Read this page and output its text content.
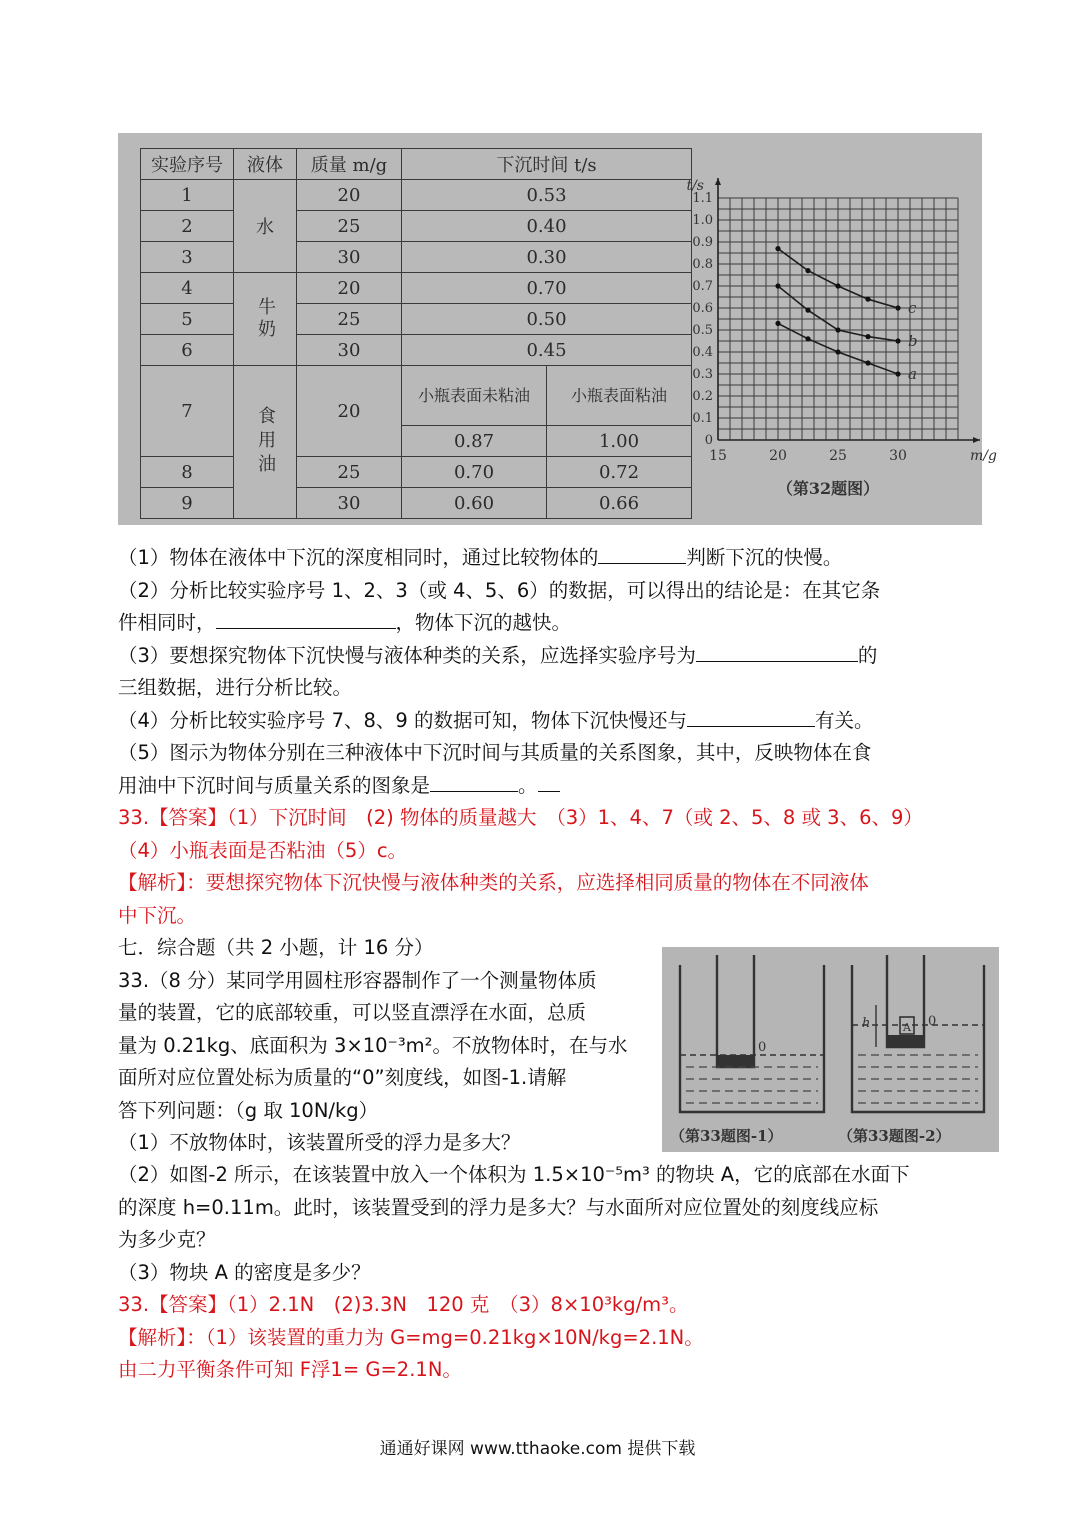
实验序号	液体	质量 m/g	下沉时间 t/s	
1	水	20	0.53	
2		25	0.40	
3		30	0.30	
4	牛奶	20	0.70	
5		25	0.50	
6		30	0.45	
7	食用油	20	小瓶表面未粘油	小瓶表面粘油
			0.87	1.00
8		25	0.70	0.72
9		30	0.60	0.66
0
0.1
0.2
0.3
0.4
0.5
0.6
0.7
0.8
0.9
1.0
1.1
15	20	25	30
t/s
m/g
（第32题图）
a
b
c
（1）物体在液体中下沉的深度相同时，通过比较物体的	判断下沉的快慢。
（2）分析比较实验序号 1、2、3（或 4、5、6）的数据，可以得出的结论是：在其它条
件相同时，	，物体下沉的越快。
（3）要想探究物体下沉快慢与液体种类的关系，应选择实验序号为	的
三组数据，进行分析比较。
（4）分析比较实验序号 7、8、9 的数据可知，物体下沉快慢还与	有关。
（5）图示为物体分别在三种液体中下沉时间与其质量的关系图象，其中，反映物体在食
用油中下沉时间与质量关系的图象是	。
33.【答案】（1）下沉时间　(2) 物体的质量越大　（3）1、4、7（或 2、5、8 或 3、6、9）
（4）小瓶表面是否粘油（5）c。
【解析】：要想探究物体下沉快慢与液体种类的关系，应选择相同质量的物体在不同液体
中下沉。
七．综合题（共 2 小题，计 16 分）
33.（8 分）某同学用圆柱形容器制作了一个测量物体质
量的装置，它的底部较重，可以竖直漂浮在水面，总质
量为 0.21kg、底面积为 3×10⁻³m²。不放物体时，在与水
面所对应位置处标为质量的“0”刻度线，如图-1.请解
答下列问题：（g 取 10N/kg）
（1）不放物体时，该装置所受的浮力是多大？
（2）如图-2 所示，在该装置中放入一个体积为 1.5×10⁻⁵m³ 的物块 A，它的底部在水面下
的深度 h=0.11m。此时，该装置受到的浮力是多大？与水面所对应位置处的刻度线应标
为多少克？
（3）物块 A 的密度是多少？
33.【答案】（1）2.1N　(2)3.3N　120 克　（3）8×10³kg/m³。
【解析】：（1）该装置的重力为 G=mg=0.21kg×10N/kg=2.1N。
由二力平衡条件可知 F浮1= G=2.1N。
0
0
h	A
（第33题图-1）	（第33题图-2）
通通好课网 www.tthaoke.com 提供下载
